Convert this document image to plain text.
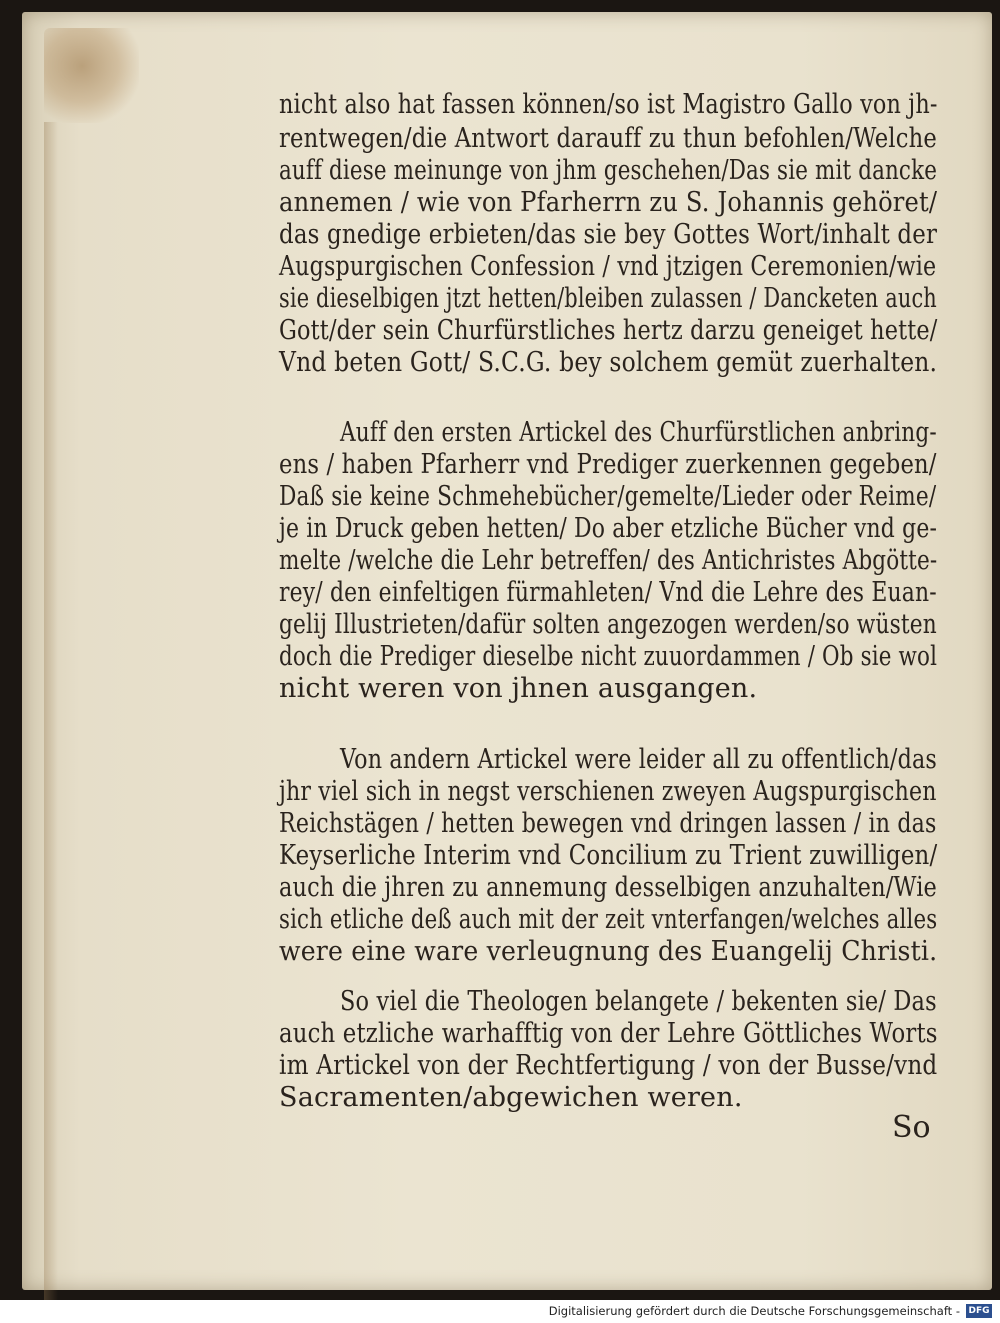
nicht also hat fassen können/so ist Magistro Gallo von jh-
rentwegen/die Antwort darauff zu thun befohlen/Welche
auff diese meinunge von jhm geschehen/Das sie mit dancke
annemen / wie von Pfarherrn zu S. Johannis gehöret/
das gnedige erbieten/das sie bey Gottes Wort/inhalt der
Augspurgischen Confession / vnd jtzigen Ceremonien/wie
sie dieselbigen jtzt hetten/bleiben zulassen / Dancketen auch
Gott/der sein Churfürstliches hertz darzu geneiget hette/
Vnd beten Gott/ S.C.G. bey solchem gemüt zuerhalten.
Auff den ersten Artickel des Churfürstlichen anbring-
ens / haben Pfarherr vnd Prediger zuerkennen gegeben/
Daß sie keine Schmehebücher/gemelte/Lieder oder Reime/
je in Druck geben hetten/ Do aber etzliche Bücher vnd ge-
melte /welche die Lehr betreffen/ des Antichristes Abgötte-
rey/ den einfeltigen fürmahleten/ Vnd die Lehre des Euan-
gelij Illustrieten/dafür solten angezogen werden/so wüsten
doch die Prediger dieselbe nicht zuuordammen / Ob sie wol
nicht weren von jhnen ausgangen.
Von andern Artickel were leider all zu offentlich/das
jhr viel sich in negst verschienen zweyen Augspurgischen
Reichstägen / hetten bewegen vnd dringen lassen / in das
Keyserliche Interim vnd Concilium zu Trient zuwilligen/
auch die jhren zu annemung desselbigen anzuhalten/Wie
sich etliche deß auch mit der zeit vnterfangen/welches alles
were eine ware verleugnung des Euangelij Christi.
So viel die Theologen belangete / bekenten sie/ Das
auch etzliche warhafftig von der Lehre Göttliches Worts
im Artickel von der Rechtfertigung / von der Busse/vnd
Sacramenten/abgewichen weren.
So
Digitalisierung gefördert durch die Deutsche Forschungsgemeinschaft - DFG
